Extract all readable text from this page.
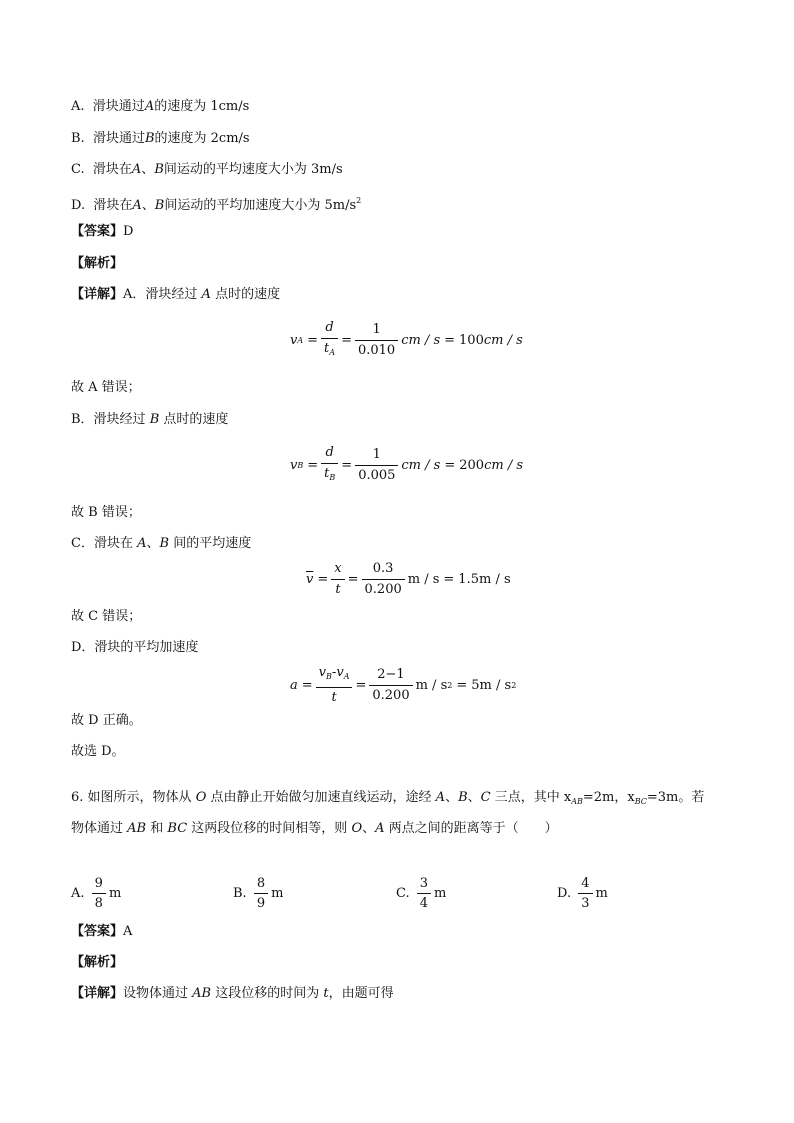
A. 滑块通过A的速度为 1cm/s
B. 滑块通过B的速度为 2cm/s
C. 滑块在A、B间运动的平均速度大小为 3m/s
D. 滑块在A、B间运动的平均加速度大小为 $5m/s^2$
【答案】D
【解析】
【详解】A．滑块经过 A 点时的速度
v $A = \frac{d}{t_A} = \frac{1}{0.010}$ cm / s = 100 cm / s
故 A 错误；
B．滑块经过 B 点时的速度
v $B = \frac{d}{t_B} = \frac{1}{0.005}$ cm / s = 200 cm / s
故 B 错误；
C．滑块在 A、B 间的平均速度
$\overline{v} = \frac{x}{t} = \frac{0.3}{0.200}$ m / s = 1.5 m / s
故 C 错误；
D．滑块的平均加速度
$a = \frac{v_B-v_A}{t} = \frac{2-1}{0.200}$ m / s 2 = 5 m / s 2
故 D 正确。
故选 D。
6. 如图所示，物体从 O 点由静止开始做匀加速直线运动，途经 A、B、C 三点，其中 $x_{AB}=2m$，$x_{BC}=3m$。若
物体通过 AB 和 BC 这两段位移的时间相等，则 O、A 两点之间的距离等于（　　）
A.
$\frac{9}{8}$ m	B.
$\frac{8}{9}$ m	C.
$\frac{3}{4}$ m	D.
$\frac{4}{3}$ m
【答案】A
【解析】
【详解】设物体通过 AB 这段位移的时间为 t，由题可得
